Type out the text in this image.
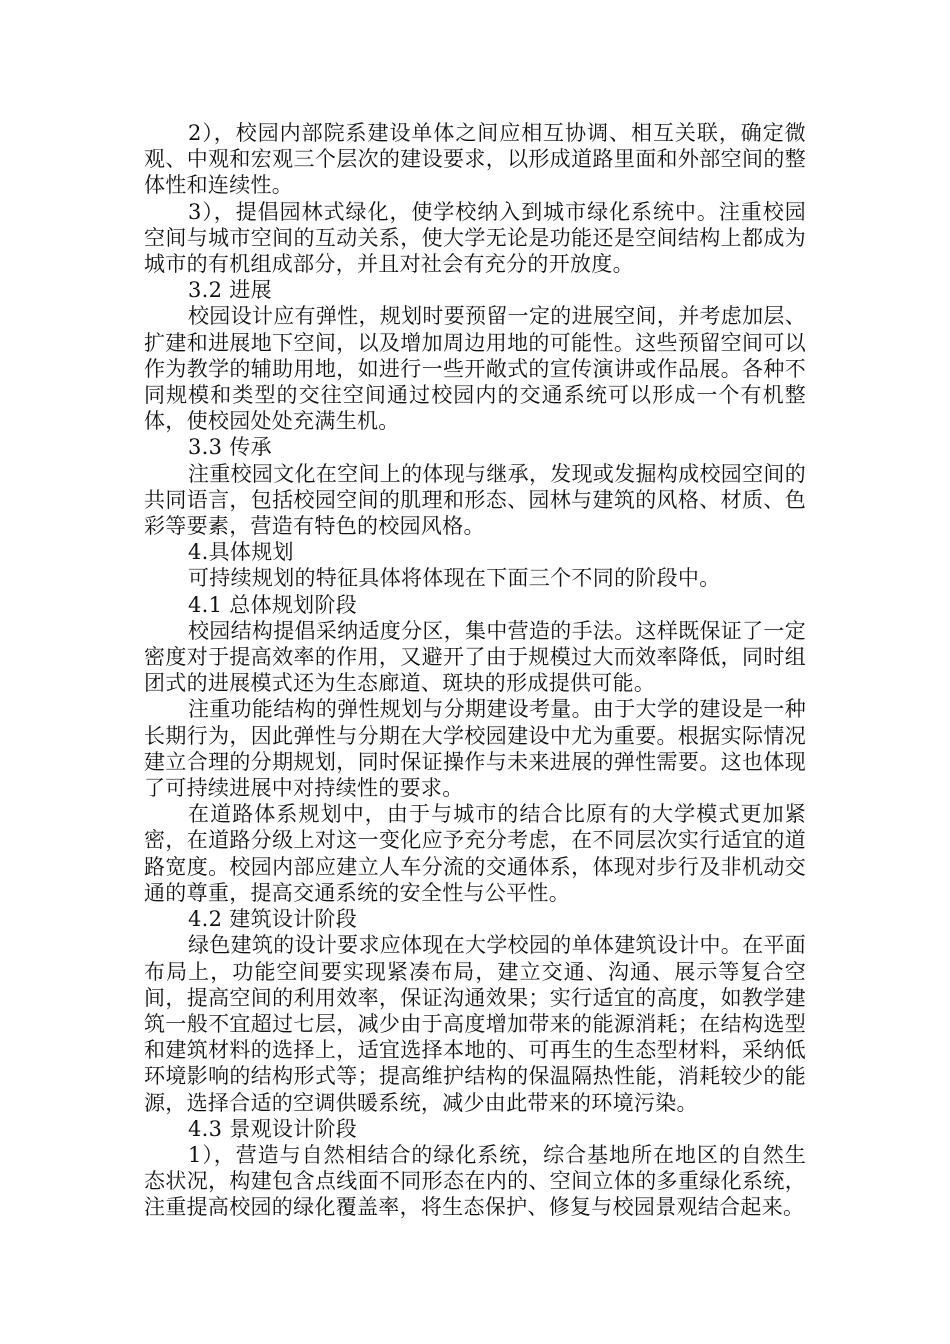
2），校园内部院系建设单体之间应相互协调、相互关联，确定微观、中观和宏观三个层次的建设要求，以形成道路里面和外部空间的整体性和连续性。

3），提倡园林式绿化，使学校纳入到城市绿化系统中。注重校园空间与城市空间的互动关系，使大学无论是功能还是空间结构上都成为城市的有机组成部分，并且对社会有充分的开放度。

3.2 进展

校园设计应有弹性，规划时要预留一定的进展空间，并考虑加层、扩建和进展地下空间，以及增加周边用地的可能性。这些预留空间可以作为教学的辅助用地，如进行一些开敞式的宣传演讲或作品展。各种不同规模和类型的交往空间通过校园内的交通系统可以形成一个有机整体，使校园处处充满生机。

3.3 传承

注重校园文化在空间上的体现与继承，发现或发掘构成校园空间的共同语言，包括校园空间的肌理和形态、园林与建筑的风格、材质、色彩等要素，营造有特色的校园风格。

4.具体规划

可持续规划的特征具体将体现在下面三个不同的阶段中。

4.1 总体规划阶段

校园结构提倡采纳适度分区，集中营造的手法。这样既保证了一定密度对于提高效率的作用，又避开了由于规模过大而效率降低，同时组团式的进展模式还为生态廊道、斑块的形成提供可能。

注重功能结构的弹性规划与分期建设考量。由于大学的建设是一种长期行为，因此弹性与分期在大学校园建设中尤为重要。根据实际情况建立合理的分期规划，同时保证操作与未来进展的弹性需要。这也体现了可持续进展中对持续性的要求。

在道路体系规划中，由于与城市的结合比原有的大学模式更加紧密，在道路分级上对这一变化应予充分考虑，在不同层次实行适宜的道路宽度。校园内部应建立人车分流的交通体系，体现对步行及非机动交通的尊重，提高交通系统的安全性与公平性。

4.2 建筑设计阶段

绿色建筑的设计要求应体现在大学校园的单体建筑设计中。在平面布局上，功能空间要实现紧凑布局，建立交通、沟通、展示等复合空间，提高空间的利用效率，保证沟通效果；实行适宜的高度，如教学建筑一般不宜超过七层，减少由于高度增加带来的能源消耗；在结构选型和建筑材料的选择上，适宜选择本地的、可再生的生态型材料，采纳低环境影响的结构形式等；提高维护结构的保温隔热性能，消耗较少的能源，选择合适的空调供暖系统，减少由此带来的环境污染。

4.3 景观设计阶段

1），营造与自然相结合的绿化系统，综合基地所在地区的自然生态状况，构建包含点线面不同形态在内的、空间立体的多重绿化系统，注重提高校园的绿化覆盖率，将生态保护、修复与校园景观结合起来。
